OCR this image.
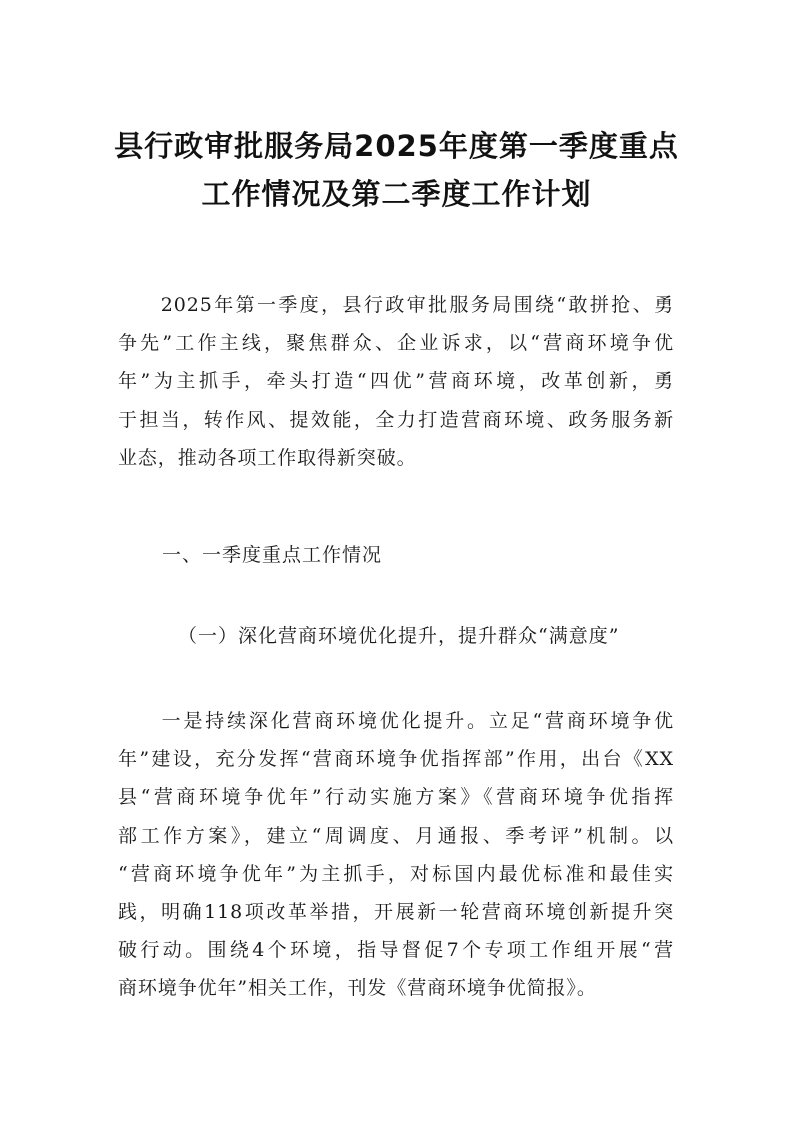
县行政审批服务局2025年度第一季度重点
工作情况及第二季度工作计划

　　2025年第一季度，县行政审批服务局围绕“敢拼抢、勇
争先”工作主线，聚焦群众、企业诉求，以“营商环境争优
年”为主抓手，牵头打造“四优”营商环境，改革创新，勇
于担当，转作风、提效能，全力打造营商环境、政务服务新
业态，推动各项工作取得新突破。

一、一季度重点工作情况

（一）深化营商环境优化提升，提升群众“满意度”

　　一是持续深化营商环境优化提升。立足“营商环境争优
年”建设，充分发挥“营商环境争优指挥部”作用，出台《XX
县“营商环境争优年”行动实施方案》《营商环境争优指挥
部工作方案》，建立“周调度、月通报、季考评”机制。以
“营商环境争优年”为主抓手，对标国内最优标准和最佳实
践，明确118项改革举措，开展新一轮营商环境创新提升突
破行动。围绕4个环境，指导督促7个专项工作组开展“营
商环境争优年”相关工作，刊发《营商环境争优简报》。
